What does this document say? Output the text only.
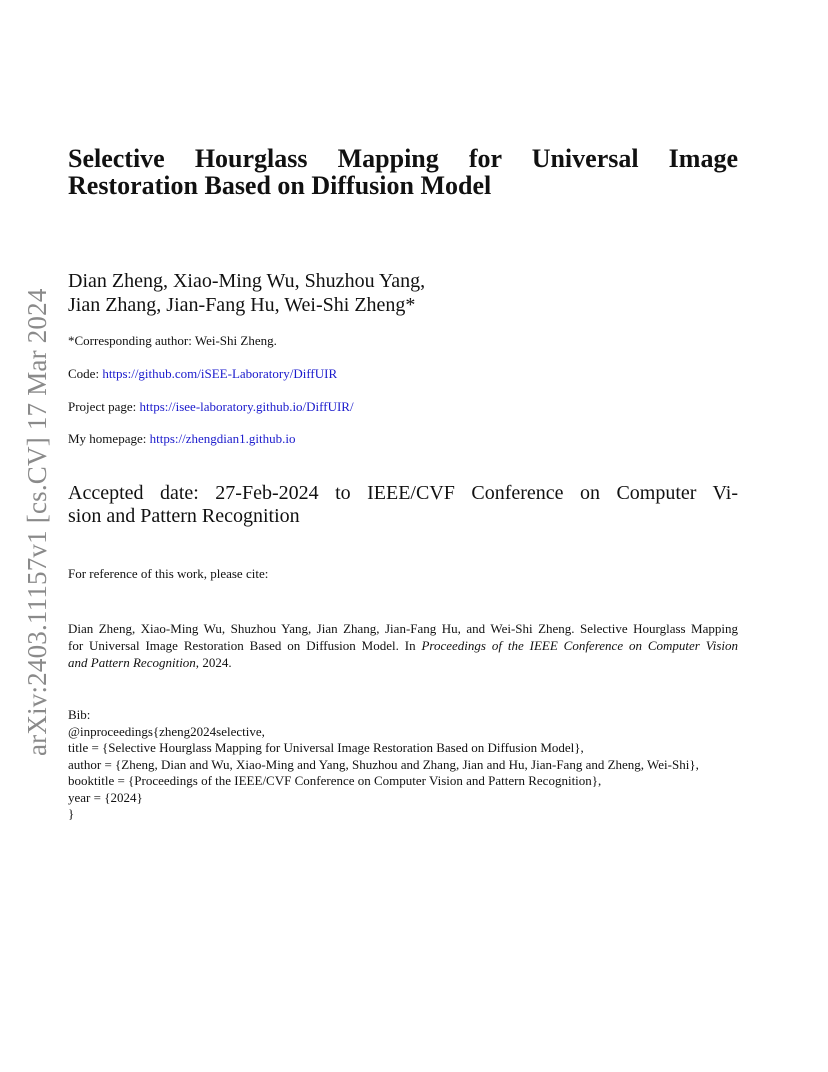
arXiv:2403.11157v1 [cs.CV] 17 Mar 2024
Selective Hourglass Mapping for Universal Image
Restoration Based on Diffusion Model
Dian Zheng, Xiao-Ming Wu, Shuzhou Yang,
Jian Zhang, Jian-Fang Hu, Wei-Shi Zheng*
*Corresponding author: Wei-Shi Zheng.
Code: https://github.com/iSEE-Laboratory/DiffUIR
Project page: https://isee-laboratory.github.io/DiffUIR/
My homepage: https://zhengdian1.github.io
Accepted date: 27-Feb-2024 to IEEE/CVF Conference on Computer Vi-
sion and Pattern Recognition
For reference of this work, please cite:
Dian Zheng, Xiao-Ming Wu, Shuzhou Yang, Jian Zhang, Jian-Fang Hu, and Wei-Shi Zheng. Selective Hourglass Mapping
for Universal Image Restoration Based on Diffusion Model. In Proceedings of the IEEE Conference on Computer Vision
and Pattern Recognition, 2024.
Bib:
@inproceedings{zheng2024selective,
title = {Selective Hourglass Mapping for Universal Image Restoration Based on Diffusion Model},
author = {Zheng, Dian and Wu, Xiao-Ming and Yang, Shuzhou and Zhang, Jian and Hu, Jian-Fang and Zheng, Wei-Shi},
booktitle = {Proceedings of the IEEE/CVF Conference on Computer Vision and Pattern Recognition},
year = {2024}
}
